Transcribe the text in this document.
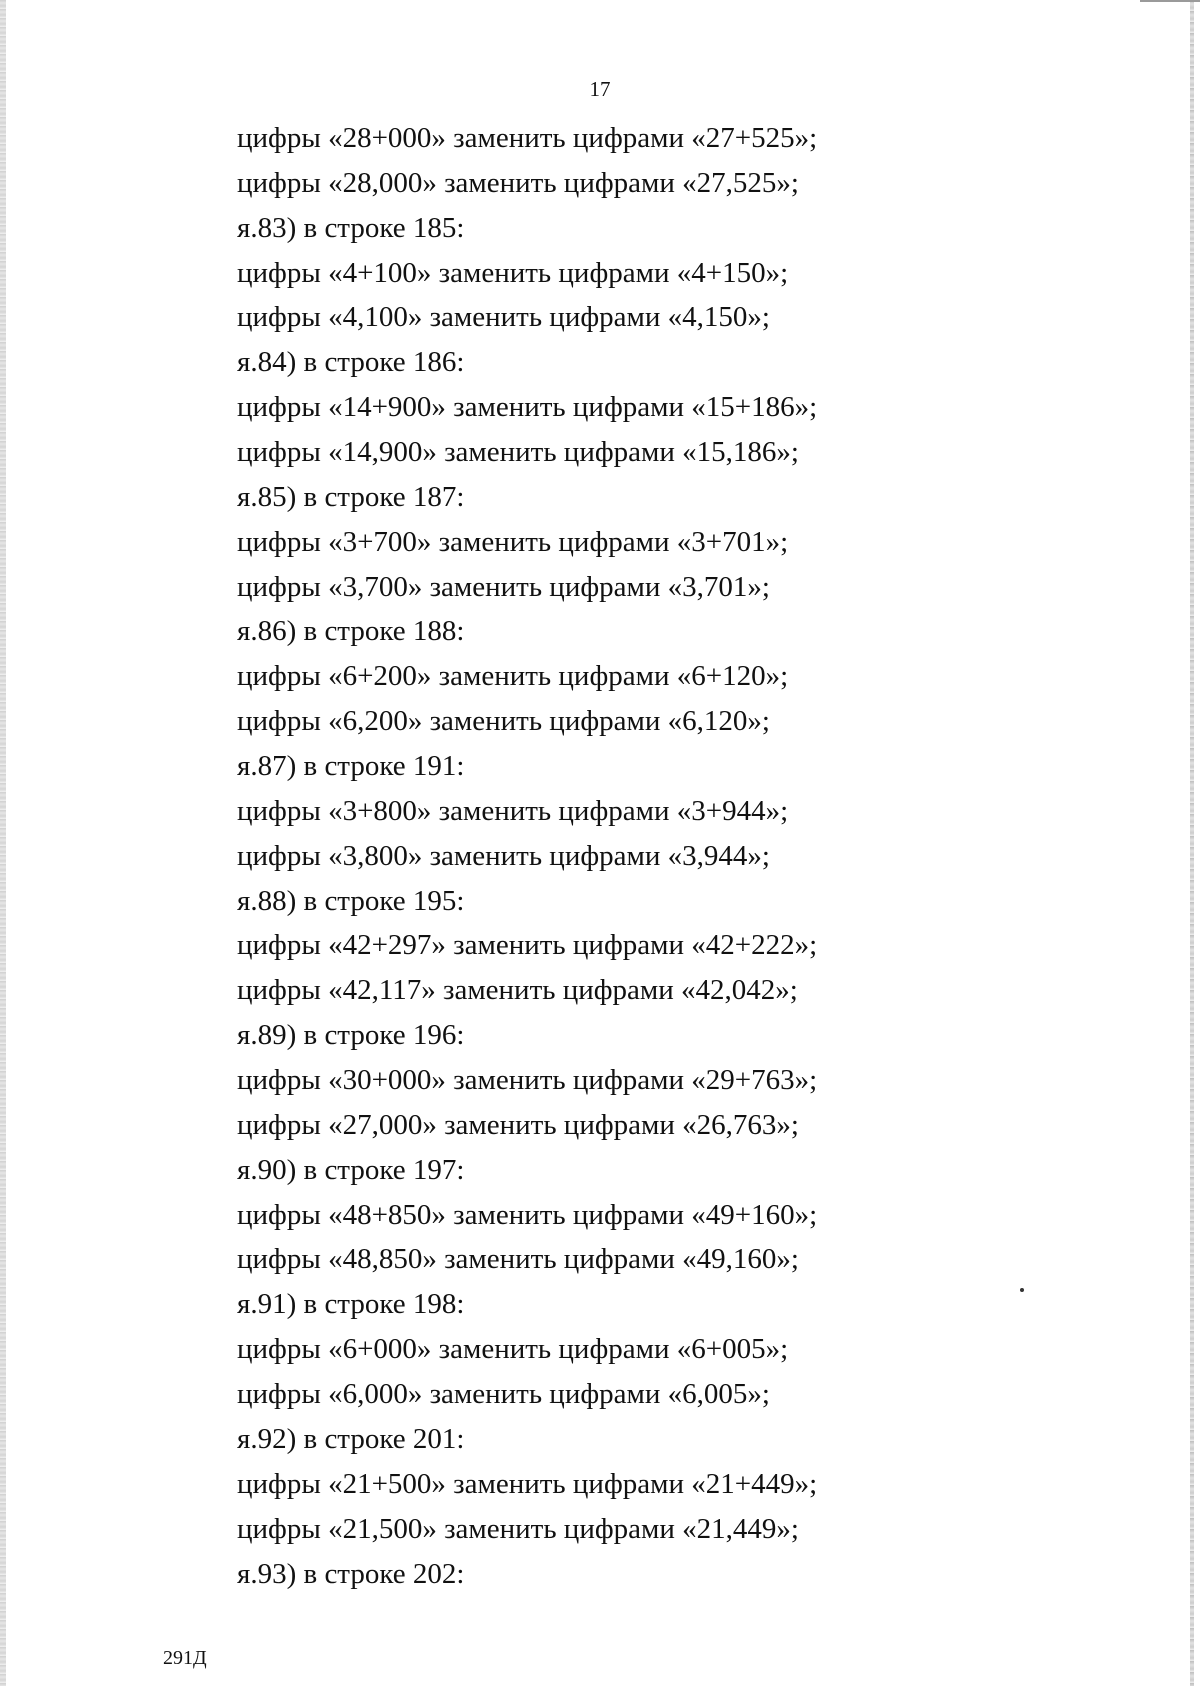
17
цифры «28+000» заменить цифрами «27+525»;
цифры «28,000» заменить цифрами «27,525»;
я.83) в строке 185:
цифры «4+100» заменить цифрами «4+150»;
цифры «4,100» заменить цифрами «4,150»;
я.84) в строке 186:
цифры «14+900» заменить цифрами «15+186»;
цифры «14,900» заменить цифрами «15,186»;
я.85) в строке 187:
цифры «3+700» заменить цифрами «3+701»;
цифры «3,700» заменить цифрами «3,701»;
я.86) в строке 188:
цифры «6+200» заменить цифрами «6+120»;
цифры «6,200» заменить цифрами «6,120»;
я.87) в строке 191:
цифры «3+800» заменить цифрами «3+944»;
цифры «3,800» заменить цифрами «3,944»;
я.88) в строке 195:
цифры «42+297» заменить цифрами «42+222»;
цифры «42,117» заменить цифрами «42,042»;
я.89) в строке 196:
цифры «30+000» заменить цифрами «29+763»;
цифры «27,000» заменить цифрами «26,763»;
я.90) в строке 197:
цифры «48+850» заменить цифрами «49+160»;
цифры «48,850» заменить цифрами «49,160»;
я.91) в строке 198:
цифры «6+000» заменить цифрами «6+005»;
цифры «6,000» заменить цифрами «6,005»;
я.92) в строке 201:
цифры «21+500» заменить цифрами «21+449»;
цифры «21,500» заменить цифрами «21,449»;
я.93) в строке 202:
291Д
